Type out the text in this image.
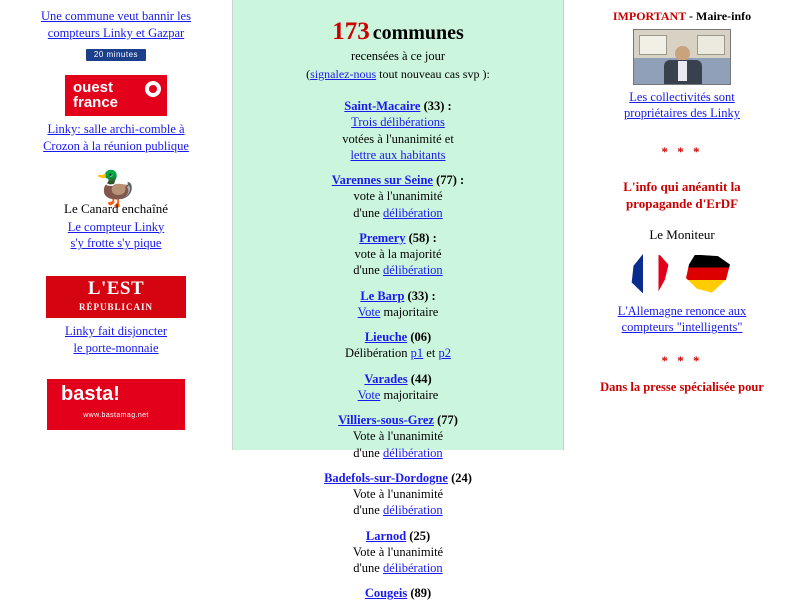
Une commune veut bannir les
compteurs Linky et Gazpar
20 minutes
ouest
france
Linky: salle archi-comble à
Crozon à la réunion publique
🦆
Le Canard enchaîné
Le compteur Linky
s'y frotte s'y pique
L'EST
RÉPUBLICAIN
Linky fait disjoncter
le porte-monnaie
basta!
www.bastamag.net
173 communes
recensées à ce jour
(signalez-nous tout nouveau cas svp ):
Saint-Macaire (33) :
Trois délibérations
votées à l'unanimité et
lettre aux habitants
Varennes sur Seine (77) :
vote à l'unanimité
d'une délibération
Premery (58) :
vote à la majorité
d'une délibération
Le Barp (33) :
Vote majoritaire
Lieuche (06)
Délibération p1 et p2
Varades (44)
Vote majoritaire
Villiers-sous-Grez (77)
Vote à l'unanimité
d'une délibération
Badefols-sur-Dordogne (24)
Vote à l'unanimité
d'une délibération
Larnod (25)
Vote à l'unanimité
d'une délibération
Cougeis (89)
IMPORTANT - Maire-info
Les collectivités sont
propriétaires des Linky
* * *
L'info qui anéantit la
propagande d'ErDF
Le Moniteur
L'Allemagne renonce aux
compteurs "intelligents"
* * *
Dans la presse spécialisée pour
